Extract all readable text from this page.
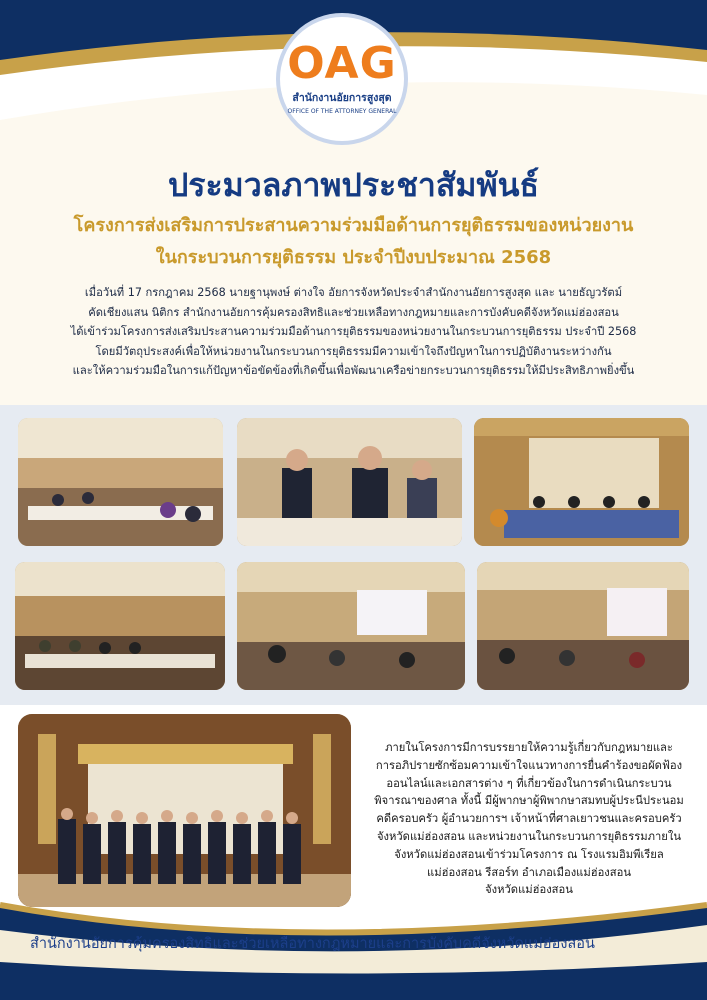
OAG
สำนักงานอัยการสูงสุด
OFFICE OF THE ATTORNEY GENERAL
ประมวลภาพประชาสัมพันธ์
โครงการส่งเสริมการประสานความร่วมมือด้านการยุติธรรมของหน่วยงาน
ในกระบวนการยุติธรรม ประจำปีงบประมาณ 2568
เมื่อวันที่ 17 กรกฎาคม 2568 นายฐานุพงษ์ ต่างใจ อัยการจังหวัดประจำสำนักงานอัยการสูงสุด และ นายธัญวรัตม์
คัดเชียงแสน นิติกร สำนักงานอัยการคุ้มครองสิทธิและช่วยเหลือทางกฎหมายและการบังคับคดีจังหวัดแม่ฮ่องสอน
ได้เข้าร่วมโครงการส่งเสริมประสานความร่วมมือด้านการยุติธรรมของหน่วยงานในกระบวนการยุติธรรม ประจำปี 2568
โดยมีวัตถุประสงค์เพื่อให้หน่วยงานในกระบวนการยุติธรรมมีความเข้าใจถึงปัญหาในการปฏิบัติงานระหว่างกัน
และให้ความร่วมมือในการแก้ปัญหาข้อขัดข้องที่เกิดขึ้นเพื่อพัฒนาเครือข่ายกระบวนการยุติธรรมให้มีประสิทธิภาพยิ่งขึ้น
ภายในโครงการมีการบรรยายให้ความรู้เกี่ยวกับกฎหมายและ
การอภิปรายซักซ้อมความเข้าใจแนวทางการยื่นคำร้องขอผัดฟ้อง
ออนไลน์และเอกสารต่าง ๆ ที่เกี่ยวข้องในการดำเนินกระบวน
พิจารณาของศาล ทั้งนี้ มีผู้พากษาผู้พิพากษาสมทบผู้ประนีประนอม
คดีครอบครัว ผู้อำนวยการฯ เจ้าหน้าที่ศาลเยาวชนและครอบครัว
จังหวัดแม่ฮ่องสอน และหน่วยงานในกระบวนการยุติธรรมภายใน
จังหวัดแม่ฮ่องสอนเข้าร่วมโครงการ ณ โรงแรมอิมพีเรียล
แม่ฮ่องสอน รีสอร์ท อำเภอเมืองแม่ฮ่องสอน
จังหวัดแม่ฮ่องสอน
สำนักงานอัยการคุ้มครองสิทธิและช่วยเหลือทางกฎหมายและการบังคับคดีจังหวัดแม่ฮ่องสอน
